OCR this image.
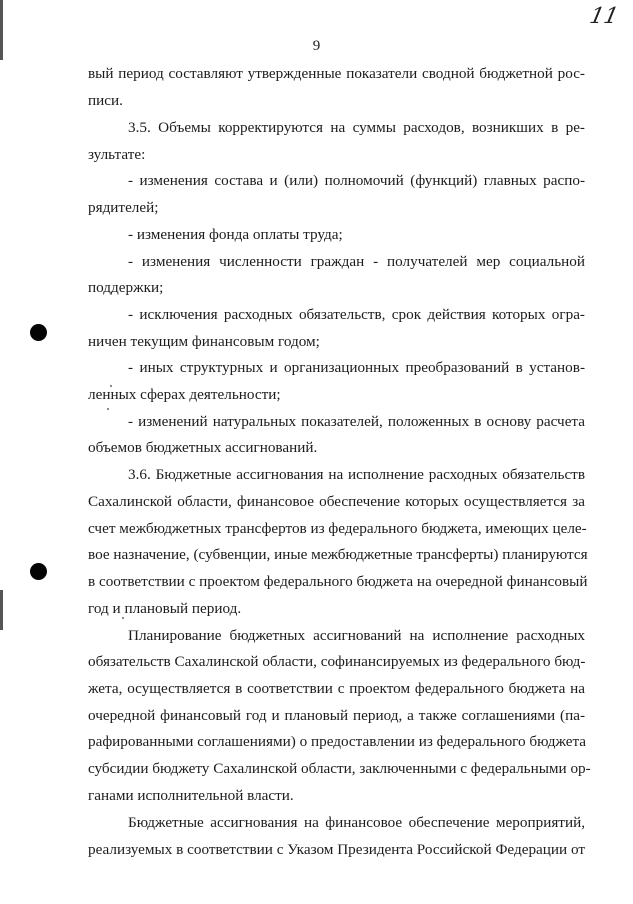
11
9
вый период составляют утвержденные показатели сводной бюджетной рос-
писи.
3.5. Объемы корректируются на суммы расходов, возникших в ре-
зультате:
- изменения состава и (или) полномочий (функций) главных распо-
рядителей;
- изменения фонда оплаты труда;
- изменения численности граждан - получателей мер социальной
поддержки;
- исключения расходных обязательств, срок действия которых огра-
ничен текущим финансовым годом;
- иных структурных и организационных преобразований в установ-
ленных сферах деятельности;
- изменений натуральных показателей, положенных в основу расчета
объемов бюджетных ассигнований.
3.6. Бюджетные ассигнования на исполнение расходных обязательств
Сахалинской области, финансовое обеспечение которых осуществляется за
счет межбюджетных трансфертов из федерального бюджета, имеющих целе-
вое назначение, (субвенции, иные межбюджетные трансферты) планируются
в соответствии с проектом федерального бюджета на очередной финансовый
год и плановый период.
Планирование бюджетных ассигнований на исполнение расходных
обязательств Сахалинской области, софинансируемых из федерального бюд-
жета, осуществляется в соответствии с проектом федерального бюджета на
очередной финансовый год и плановый период, а также соглашениями (па-
рафированными соглашениями) о предоставлении из федерального бюджета
субсидии бюджету Сахалинской области, заключенными с федеральными ор-
ганами исполнительной власти.
Бюджетные ассигнования на финансовое обеспечение мероприятий,
реализуемых в соответствии с Указом Президента Российской Федерации от
